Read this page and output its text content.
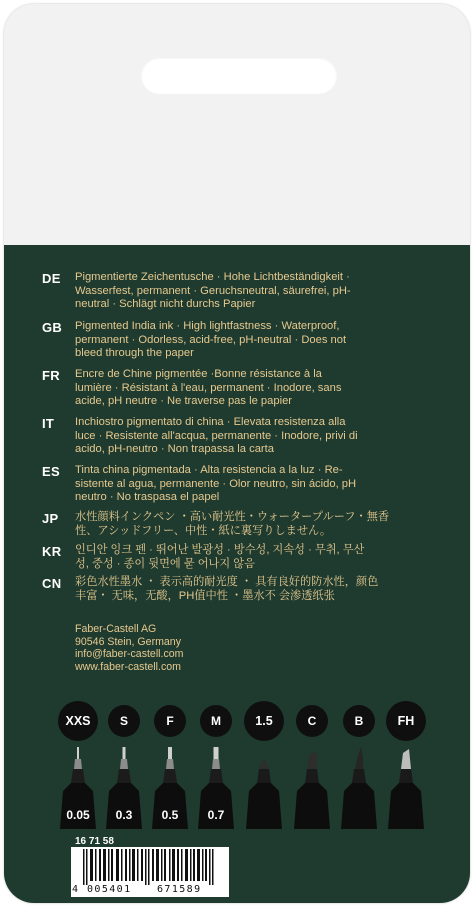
DE Pigmentierte Zeichentusche · Hohe Lichtbeständigkeit ·
Wasserfest, permanent · Geruchsneutral, säurefrei, pH-
neutral · Schlägt nicht durchs Papier
GB Pigmented India ink · High lightfastness · Waterproof,
permanent · Odorless, acid-free, pH-neutral · Does not
bleed through the paper
FR Encre de Chine pigmentée ·Bonne résistance à la
lumière · Résistant à l'eau, permanent · Inodore, sans
acide, pH neutre · Ne traverse pas le papier
IT Inchiostro pigmentato di china · Elevata resistenza alla
luce · Resistente all'acqua, permanente · Inodore, privi di
acido, pH-neutro · Non trapassa la carta
ES Tinta china pigmentada · Alta resistencia a la luz · Re-
sistente al agua, permanente · Olor neutro, sin ácido, pH
neutro · No traspasa el papel
JP 水性顔料インクペン ・高い耐光性・ウォータープルーフ・無香
性、アシッドフリー、中性・紙に裏写りしません。
KR 인디안 잉크 펜 · 뛰어난 발광성 · 방수성, 지속성 · 무취, 무산
성, 중성 · 종이 뒷면에 묻 어나지 않음
CN 彩色水性墨水 ・ 表示高的耐光度 ・ 具有良好的防水性，颜色
丰富・ 无味，无酸，PH值中性 ・墨水不 会渗透纸张
Faber-Castell AG
90546 Stein, Germany
info@faber-castell.com
www.faber-castell.com
XXS
0.05
S
0.3
F
0.5
M
0.7
1.5	C	B	FH
16 71 58
4 005401	671589
